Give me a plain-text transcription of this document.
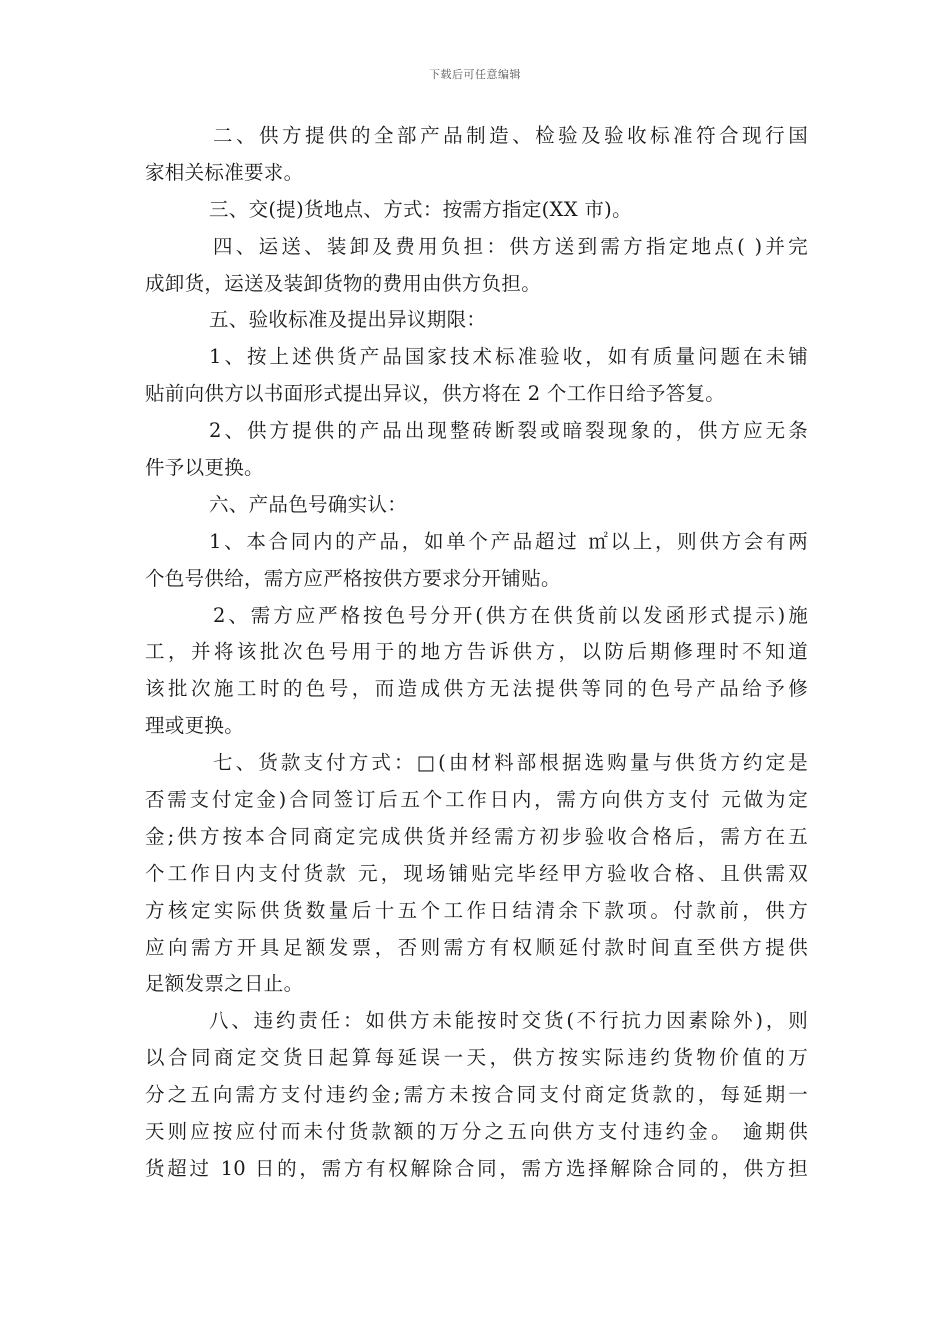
下载后可任意编辑
二、供方提供的全部产品制造、检验及验收标准符合现行国
家相关标准要求。
三、交(提)货地点、方式：按需方指定(XX 市)。
四、运送、装卸及费用负担：供方送到需方指定地点( )并完
成卸货，运送及装卸货物的费用由供方负担。
五、验收标准及提出异议期限：
1、按上述供货产品国家技术标准验收，如有质量问题在未铺
贴前向供方以书面形式提出异议，供方将在 2 个工作日给予答复。
2、供方提供的产品出现整砖断裂或暗裂现象的，供方应无条
件予以更换。
六、产品色号确实认：
1、本合同内的产品，如单个产品超过 ㎡以上，则供方会有两
个色号供给，需方应严格按供方要求分开铺贴。
2、需方应严格按色号分开(供方在供货前以发函形式提示)施
工，并将该批次色号用于的地方告诉供方，以防后期修理时不知道
该批次施工时的色号，而造成供方无法提供等同的色号产品给予修
理或更换。
七、货款支付方式：□(由材料部根据选购量与供货方约定是
否需支付定金)合同签订后五个工作日内，需方向供方支付 元做为定
金;供方按本合同商定完成供货并经需方初步验收合格后，需方在五
个工作日内支付货款 元，现场铺贴完毕经甲方验收合格、且供需双
方核定实际供货数量后十五个工作日结清余下款项。付款前，供方
应向需方开具足额发票，否则需方有权顺延付款时间直至供方提供
足额发票之日止。
八、违约责任：如供方未能按时交货(不行抗力因素除外)，则
以合同商定交货日起算每延误一天，供方按实际违约货物价值的万
分之五向需方支付违约金;需方未按合同支付商定货款的，每延期一
天则应按应付而未付货款额的万分之五向供方支付违约金。 逾期供
货超过 10 日的，需方有权解除合同，需方选择解除合同的，供方担
